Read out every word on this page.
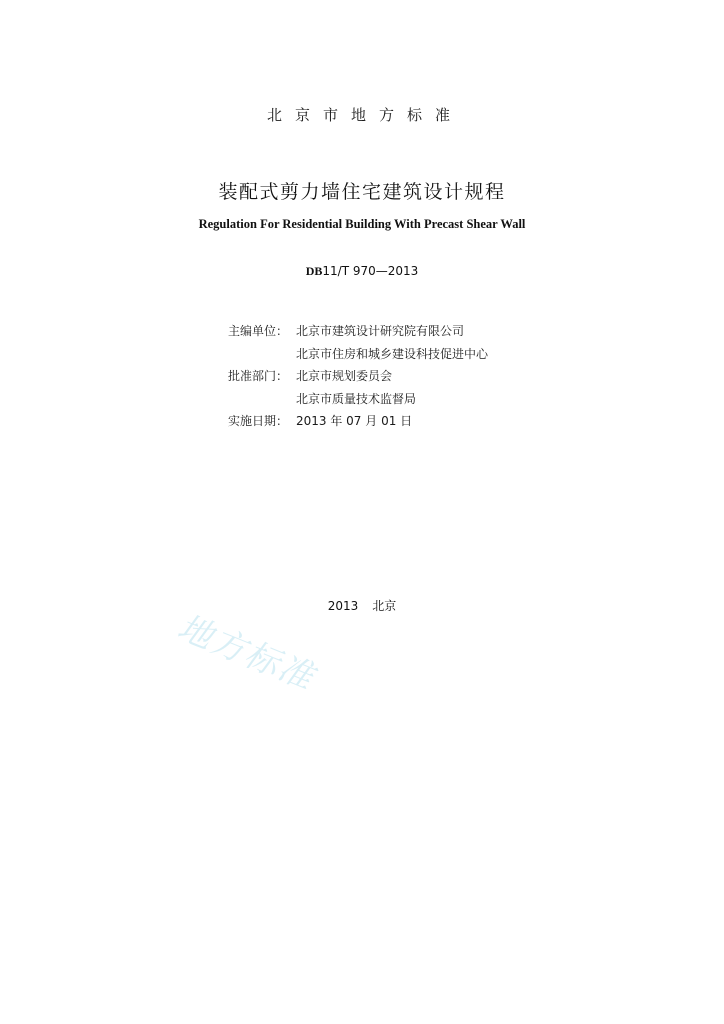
北京市地方标准
装配式剪力墙住宅建筑设计规程
Regulation For Residential Building With Precast Shear Wall
DB11/T 970—2013
主编单位： 北京市建筑设计研究院有限公司
北京市住房和城乡建设科技促进中心
批准部门： 北京市规划委员会
北京市质量技术监督局
实施日期： 2013 年 07 月 01 日
2013 北京
地方标准
